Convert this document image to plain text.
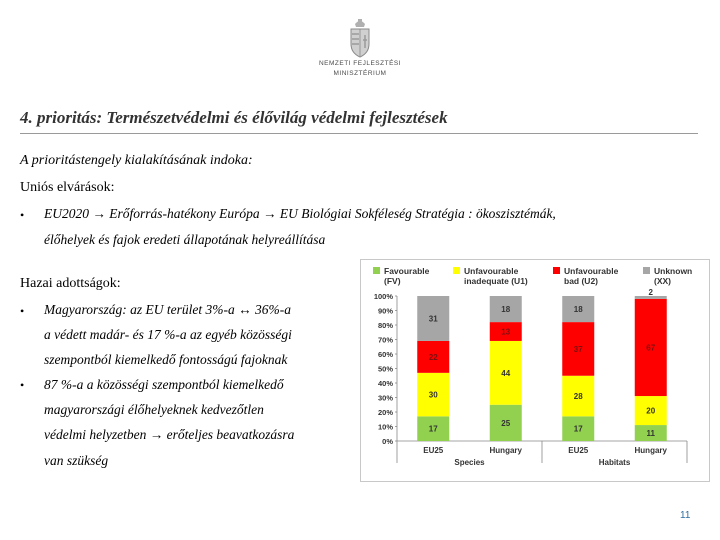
NEMZETI FEJLESZTÉSI
MINISZTÉRIUM
4. prioritás: Természetvédelmi és élővilág védelmi fejlesztések
A prioritástengely kialakításának indoka:
Uniós elvárások:
• EU2020 → Erőforrás-hatékony Európa → EU Biológiai Sokféleség Stratégia : ökoszisztémák,
élőhelyek és fajok eredeti állapotának helyreállítása
Hazai adottságok:
• Magyarország: az EU terület 3%-a ↔ 36%-a
a védett madár- és 17 %-a az egyéb közösségi
szempontból kiemelkedő fontosságú fajoknak
• 87 %-a a közösségi szempontból kiemelkedő
magyarországi élőhelyeknek kedvezőtlen
védelmi helyzetben → erőteljes beavatkozásra
van szükség
Favourable
(FV)
Unfavourable
inadequate (U1)
Unfavourable
bad (U2)
Unknown
(XX)
0%
10%
20%
30%
40%
50%
60%
70%
80%
90%
100%
17
30
22
31
EU25
25
44
13
18
Hungary
17
28
37
18
EU25
11
20
67
2
Hungary
Species	Habitats
11
